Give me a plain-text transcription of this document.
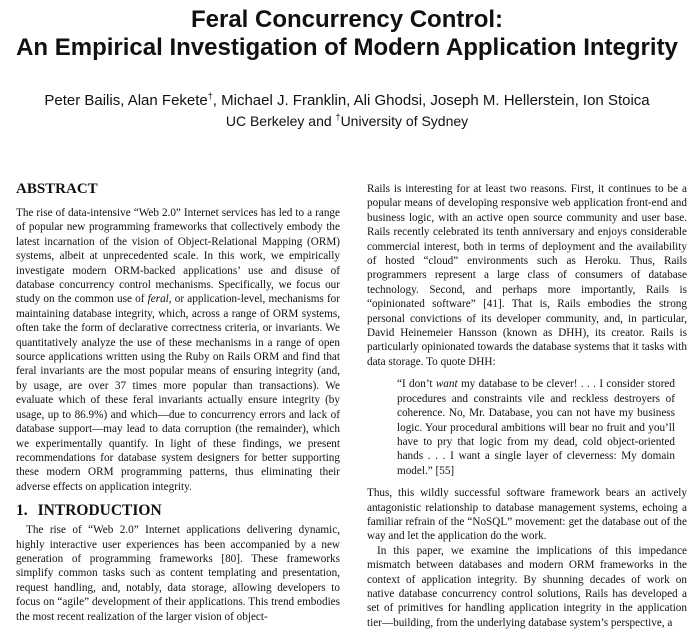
Feral Concurrency Control:
An Empirical Investigation of Modern Application Integrity
Peter Bailis, Alan Fekete†, Michael J. Franklin, Ali Ghodsi, Joseph M. Hellerstein, Ion Stoica
UC Berkeley and †University of Sydney
ABSTRACT

The rise of data-intensive “Web 2.0” Internet services has led to a range of popular new programming frameworks that collectively embody the latest incarnation of the vision of Object-Relational Mapping (ORM) systems, albeit at unprecedented scale. In this work, we empirically investigate modern ORM-backed applications’ use and disuse of database concurrency control mechanisms. Specifically, we focus our study on the common use of feral, or application-level, mechanisms for maintaining database integrity, which, across a range of ORM systems, often take the form of declarative correctness criteria, or invariants. We quantitatively analyze the use of these mechanisms in a range of open source applications written using the Ruby on Rails ORM and find that feral invariants are the most popular means of ensuring integrity (and, by usage, are over 37 times more popular than transactions). We evaluate which of these feral invariants actually ensure integrity (by usage, up to 86.9%) and which—due to concurrency errors and lack of database support—may lead to data corruption (the remainder), which we experimentally quantify. In light of these findings, we present recommendations for database system designers for better supporting these modern ORM programming patterns, thus eliminating their adverse effects on application integrity.

1. INTRODUCTION

The rise of “Web 2.0” Internet applications delivering dynamic, highly interactive user experiences has been accompanied by a new generation of programming frameworks [80]. These frameworks simplify common tasks such as content templating and presentation, request handling, and, notably, data storage, allowing developers to focus on “agile” development of their applications. This trend embodies the most recent realization of the larger vision of object-

Rails is interesting for at least two reasons. First, it continues to be a popular means of developing responsive web application front-end and business logic, with an active open source community and user base. Rails recently celebrated its tenth anniversary and enjoys considerable commercial interest, both in terms of deployment and the availability of hosted “cloud” environments such as Heroku. Thus, Rails programmers represent a large class of consumers of database technology. Second, and perhaps more importantly, Rails is “opinionated software” [41]. That is, Rails embodies the strong personal convictions of its developer community, and, in particular, David Heinemeier Hansson (known as DHH), its creator. Rails is particularly opinionated towards the database systems that it tasks with data storage. To quote DHH:

“I don’t want my database to be clever! . . . I consider stored procedures and constraints vile and reckless destroyers of coherence. No, Mr. Database, you can not have my business logic. Your procedural ambitions will bear no fruit and you’ll have to pry that logic from my dead, cold object-oriented hands . . . I want a single layer of cleverness: My domain model.” [55]

Thus, this wildly successful software framework bears an actively antagonistic relationship to database management systems, echoing a familiar refrain of the “NoSQL” movement: get the database out of the way and let the application do the work.

In this paper, we examine the implications of this impedance mismatch between databases and modern ORM frameworks in the context of application integrity. By shunning decades of work on native database concurrency control solutions, Rails has developed a set of primitives for handling application integrity in the application tier—building, from the underlying database system’s perspective, a
